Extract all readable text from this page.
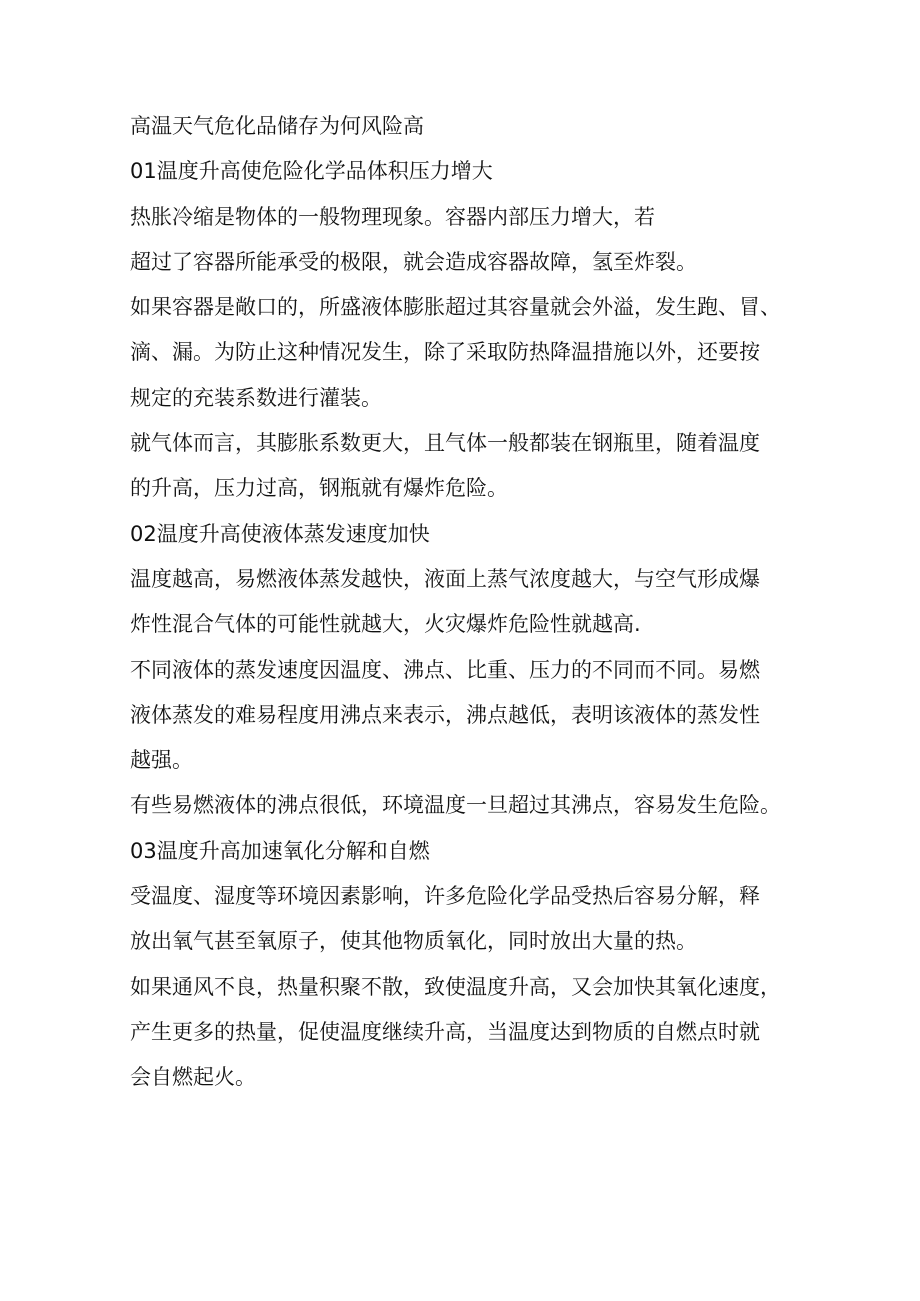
高温天气危化品储存为何风险高
01温度升高使危险化学品体积压力增大
热胀冷缩是物体的一般物理现象。容器内部压力增大，若
超过了容器所能承受的极限，就会造成容器故障，氢至炸裂。
如果容器是敞口的，所盛液体膨胀超过其容量就会外溢，发生跑、冒、
滴、漏。为防止这种情况发生，除了采取防热降温措施以外，还要按
规定的充装系数进行灌装。
就气体而言，其膨胀系数更大，且气体一般都装在钢瓶里，随着温度
的升高，压力过高，钢瓶就有爆炸危险。
02温度升高使液体蒸发速度加快
温度越高，易燃液体蒸发越快，液面上蒸气浓度越大，与空气形成爆
炸性混合气体的可能性就越大，火灾爆炸危险性就越高.
不同液体的蒸发速度因温度、沸点、比重、压力的不同而不同。易燃
液体蒸发的难易程度用沸点来表示，沸点越低，表明该液体的蒸发性
越强。
有些易燃液体的沸点很低，环境温度一旦超过其沸点，容易发生危险。
03温度升高加速氧化分解和自燃
受温度、湿度等环境因素影响，许多危险化学品受热后容易分解，释
放出氧气甚至氧原子，使其他物质氧化，同时放出大量的热。
如果通风不良，热量积聚不散，致使温度升高，又会加快其氧化速度，
产生更多的热量，促使温度继续升高，当温度达到物质的自燃点时就
会自燃起火。
